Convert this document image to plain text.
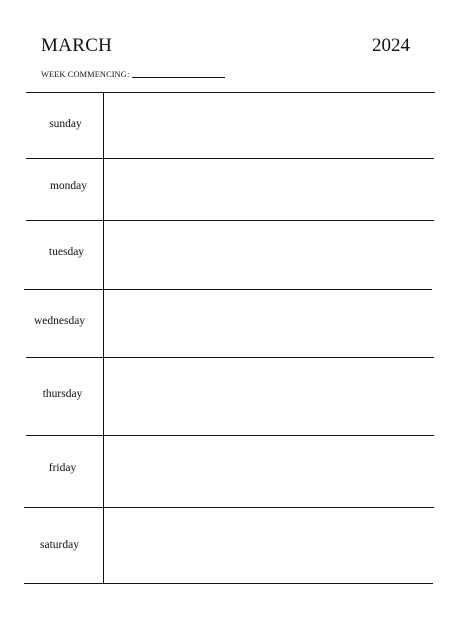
MARCH	2024
WEEK COMMENCING:
sunday
monday
tuesday
wednesday
thursday
friday
saturday
